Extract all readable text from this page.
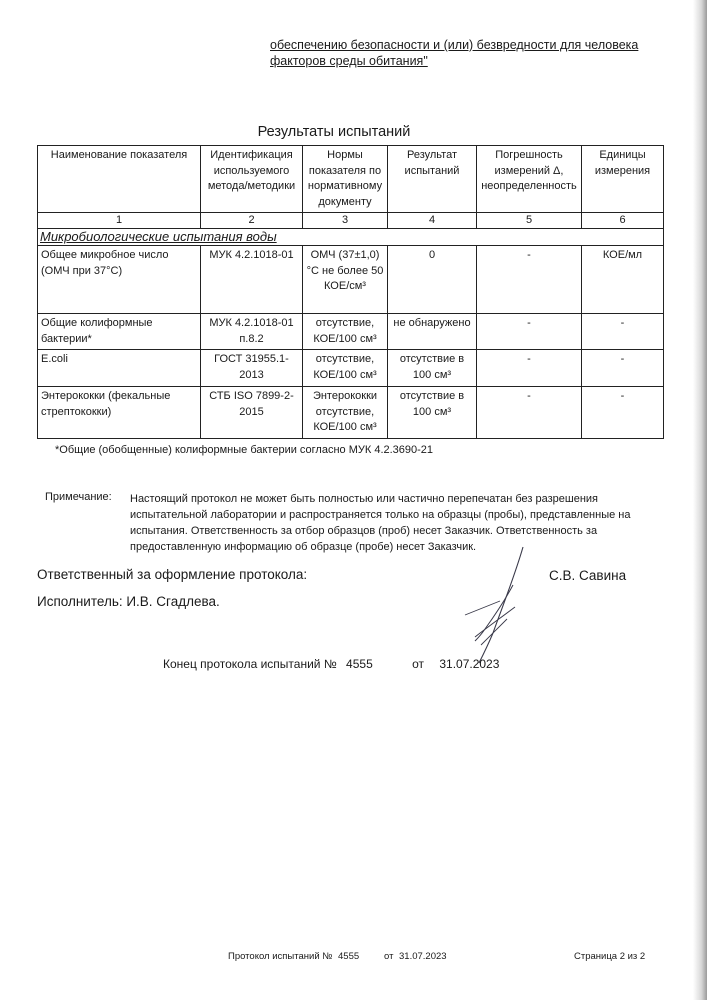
обеспечению безопасности и (или) безвредности для человека
факторов среды обитания"
Результаты испытаний
Наименование показателя	Идентификация используемого метода/методики	Нормы показателя по нормативному документу	Результат испытаний	Погрешность измерений Δ, неопределенность	Единицы измерения
1	2	3	4	5	6
Микробиологические испытания воды					
Общее микробное число (ОМЧ при 37°С)	МУК 4.2.1018-01	ОМЧ (37±1,0)°С не более 50 КОЕ/см³	0	-	КОЕ/мл
Общие колиформные бактерии*	МУК 4.2.1018-01 п.8.2	отсутствие, КОЕ/100 см³	не обнаружено	-	-
E.coli	ГОСТ 31955.1-2013	отсутствие, КОЕ/100 см³	отсутствие в 100 см³	-	-
Энтерококки (фекальные стрептококки)	СТБ ISO 7899-2-2015	Энтерококки отсутствие, КОЕ/100 см³	отсутствие в 100 см³	-	-
*Общие (обобщенные) колиформные бактерии согласно МУК 4.2.3690-21
Примечание: Настоящий протокол не может быть полностью или частично перепечатан без разрешения испытательной лаборатории и распространяется только на образцы (пробы), представленные на испытания. Ответственность за отбор образцов (проб) несет Заказчик. Ответственность за предоставленную информацию об образце (пробе) несет Заказчик.
Ответственный за оформление протокола:	С.В. Савина
Исполнитель: И.В. Сгадлева.
Конец протокола испытаний № 4555	от 31.07.2023
Протокол испытаний № 4555	от 31.07.2023	Страница 2 из 2
